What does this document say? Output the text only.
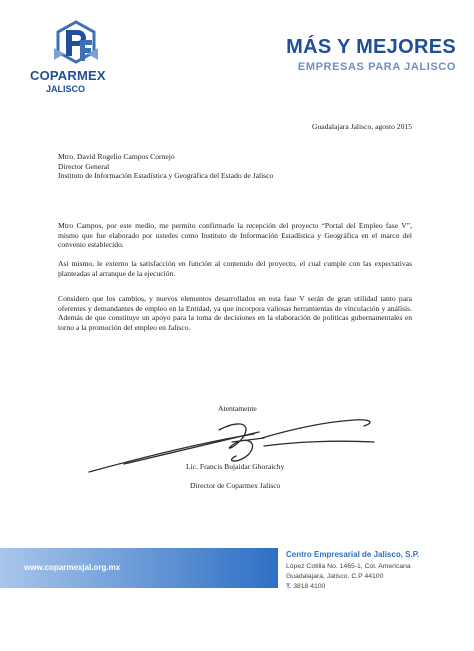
COPARMEX
JALISCO
MÁS Y MEJORES
EMPRESAS PARA JALISCO
Guadalajara Jalisco, agosto 2015
Mtro. David Rogelio Campos Cornejo
Director General
Instituto de Información Estadística y Geográfica del Estado de Jalisco

Mtro Campos, por este medio, me permito confirmarle la recepción del proyecto “Portal del Empleo fase V”, mismo que fue elaborado por ustedes como Instituto de Información Estadística y Geográfica en el marco del convenio establecido.

Así mismo, le externo la satisfacción en función al contenido del proyecto, el cual cumple con las expectativas planteadas al arranque de la ejecución.

Considero que los cambios, y nuevos elementos desarrollados en esta fase V serán de gran utilidad tanto para oferentes y demandantes de empleo en la Entidad, ya que incorpora valiosas herramientas de vinculación y análisis. Además de que constituye un apoyo para la toma de decisiones en la elaboración de políticas gubernamentales en torno a la promoción del empleo en Jalisco.

Atentamente
Lic. Francis Bujaidar Ghoraichy
Director de Coparmex Jalisco
www.coparmexjal.org.mx
Centro Empresarial de Jalisco, S.P.
López Cotilla No. 1465-1, Col. Americana
Guadalajara, Jalisco. C.P 44100
T. 3818 4100
